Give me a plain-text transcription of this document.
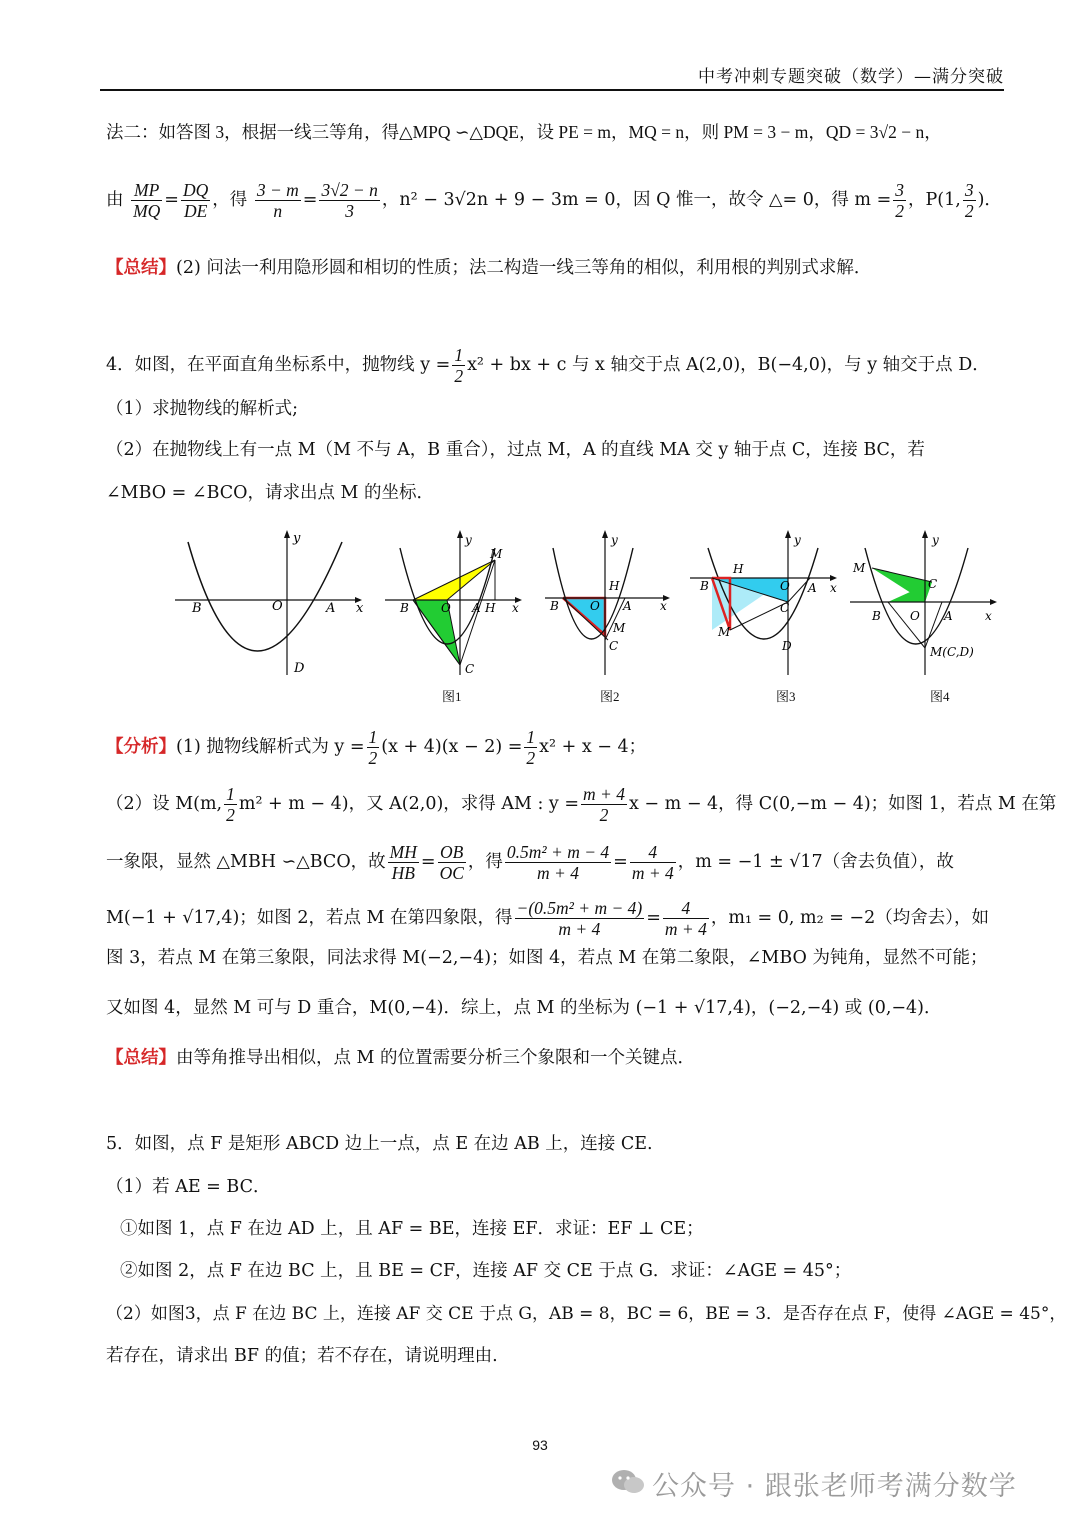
中考冲刺专题突破（数学）—满分突破
法二：如答图 3，根据一线三等角，得△MPQ ∽△DQE，设 PE = m，MQ = n，则 PM = 3 − m，QD = 3√2 − n，
由 $\frac{MP}{MQ} = \frac{DQ}{DE}$ ，得 $\frac{3 - m}{n} = \frac{3√2 - n}{3}$ ，n² − 3√2n + 9 − 3m = 0，因 Q 惟一，故令 △= 0，得 $m = \frac{3}{2}$ ，P(1, $\frac{3}{2}$ )．
【总结】(2) 问法一利用隐形圆和相切的性质；法二构造一线三等角的相似，利用根的判别式求解．
4．如图，在平面直角坐标系中，抛物线 $y = \frac{1}{2} x^2$ + bx + c 与 x 轴交于点 A(2,0)，B(−4,0)，与 y 轴交于点 D．
（1）求抛物线的解析式;
（2）在抛物线上有一点 M（M 不与 A，B 重合），过点 M，A 的直线 MA 交 y 轴于点 C，连接 BC，若
∠MBO = ∠BCO，请求出点 M 的坐标．
B	O	A x
y
D
B	O A H x
y
M
C
B	O A
H
x
y
M
C
B
H
O A x
y
C
M
D
M
y
C
B O A	x
M(C,D)
图1	图2	图3	图4
【分析】(1) 抛物线解析式为 $y = \frac{1}{2} (x + 4)(x - 2) = \frac{1}{2} x^2 + x - 4$；
（2）设 M(m, $\frac{1}{2} m^2 + m - 4$)，又 A(2,0)，求得 AM : $y = \frac{m + 4}{2}$ x − m − 4，得 C(0,−m − 4)；如图 1，若点 M 在第
一象限，显然 △MBH ∽△BCO，故 $\frac{MH}{HB} = \frac{OB}{OC}$ ，得 $\frac{\text{0.5m² + m − 4}}{m + 4} = \frac{4}{m + 4}$ ，m = −1 ± √17（舍去负值），故
M(−1 + √17,4)；如图 2，若点 M 在第四象限，得 $\frac{\text{−(0.5m² + m − 4)}}{m + 4} = \frac{4}{m + 4}$ ，m₁ = 0, m₂ = −2（均舍去），如
图 3，若点 M 在第三象限，同法求得 M(−2,−4)；如图 4，若点 M 在第二象限，∠MBO 为钝角，显然不可能；
又如图 4，显然 M 可与 D 重合，M(0,−4)．综上，点 M 的坐标为 (−1 + √17,4)，(−2,−4) 或 (0,−4)．
【总结】由等角推导出相似，点 M 的位置需要分析三个象限和一个关键点．
5．如图，点 F 是矩形 ABCD 边上一点，点 E 在边 AB 上，连接 CE.
（1）若 AE = BC．
①如图 1，点 F 在边 AD 上，且 AF = BE，连接 EF．求证：EF ⊥ CE；
②如图 2，点 F 在边 BC 上，且 BE = CF，连接 AF 交 CE 于点 G．求证：∠AGE = 45°；
（2）如图3，点 F 在边 BC 上，连接 AF 交 CE 于点 G，AB = 8，BC = 6，BE = 3．是否存在点 F，使得 ∠AGE = 45°，
若存在，请求出 BF 的值；若不存在，请说明理由.
93
公众号 · 跟张老师考满分数学
